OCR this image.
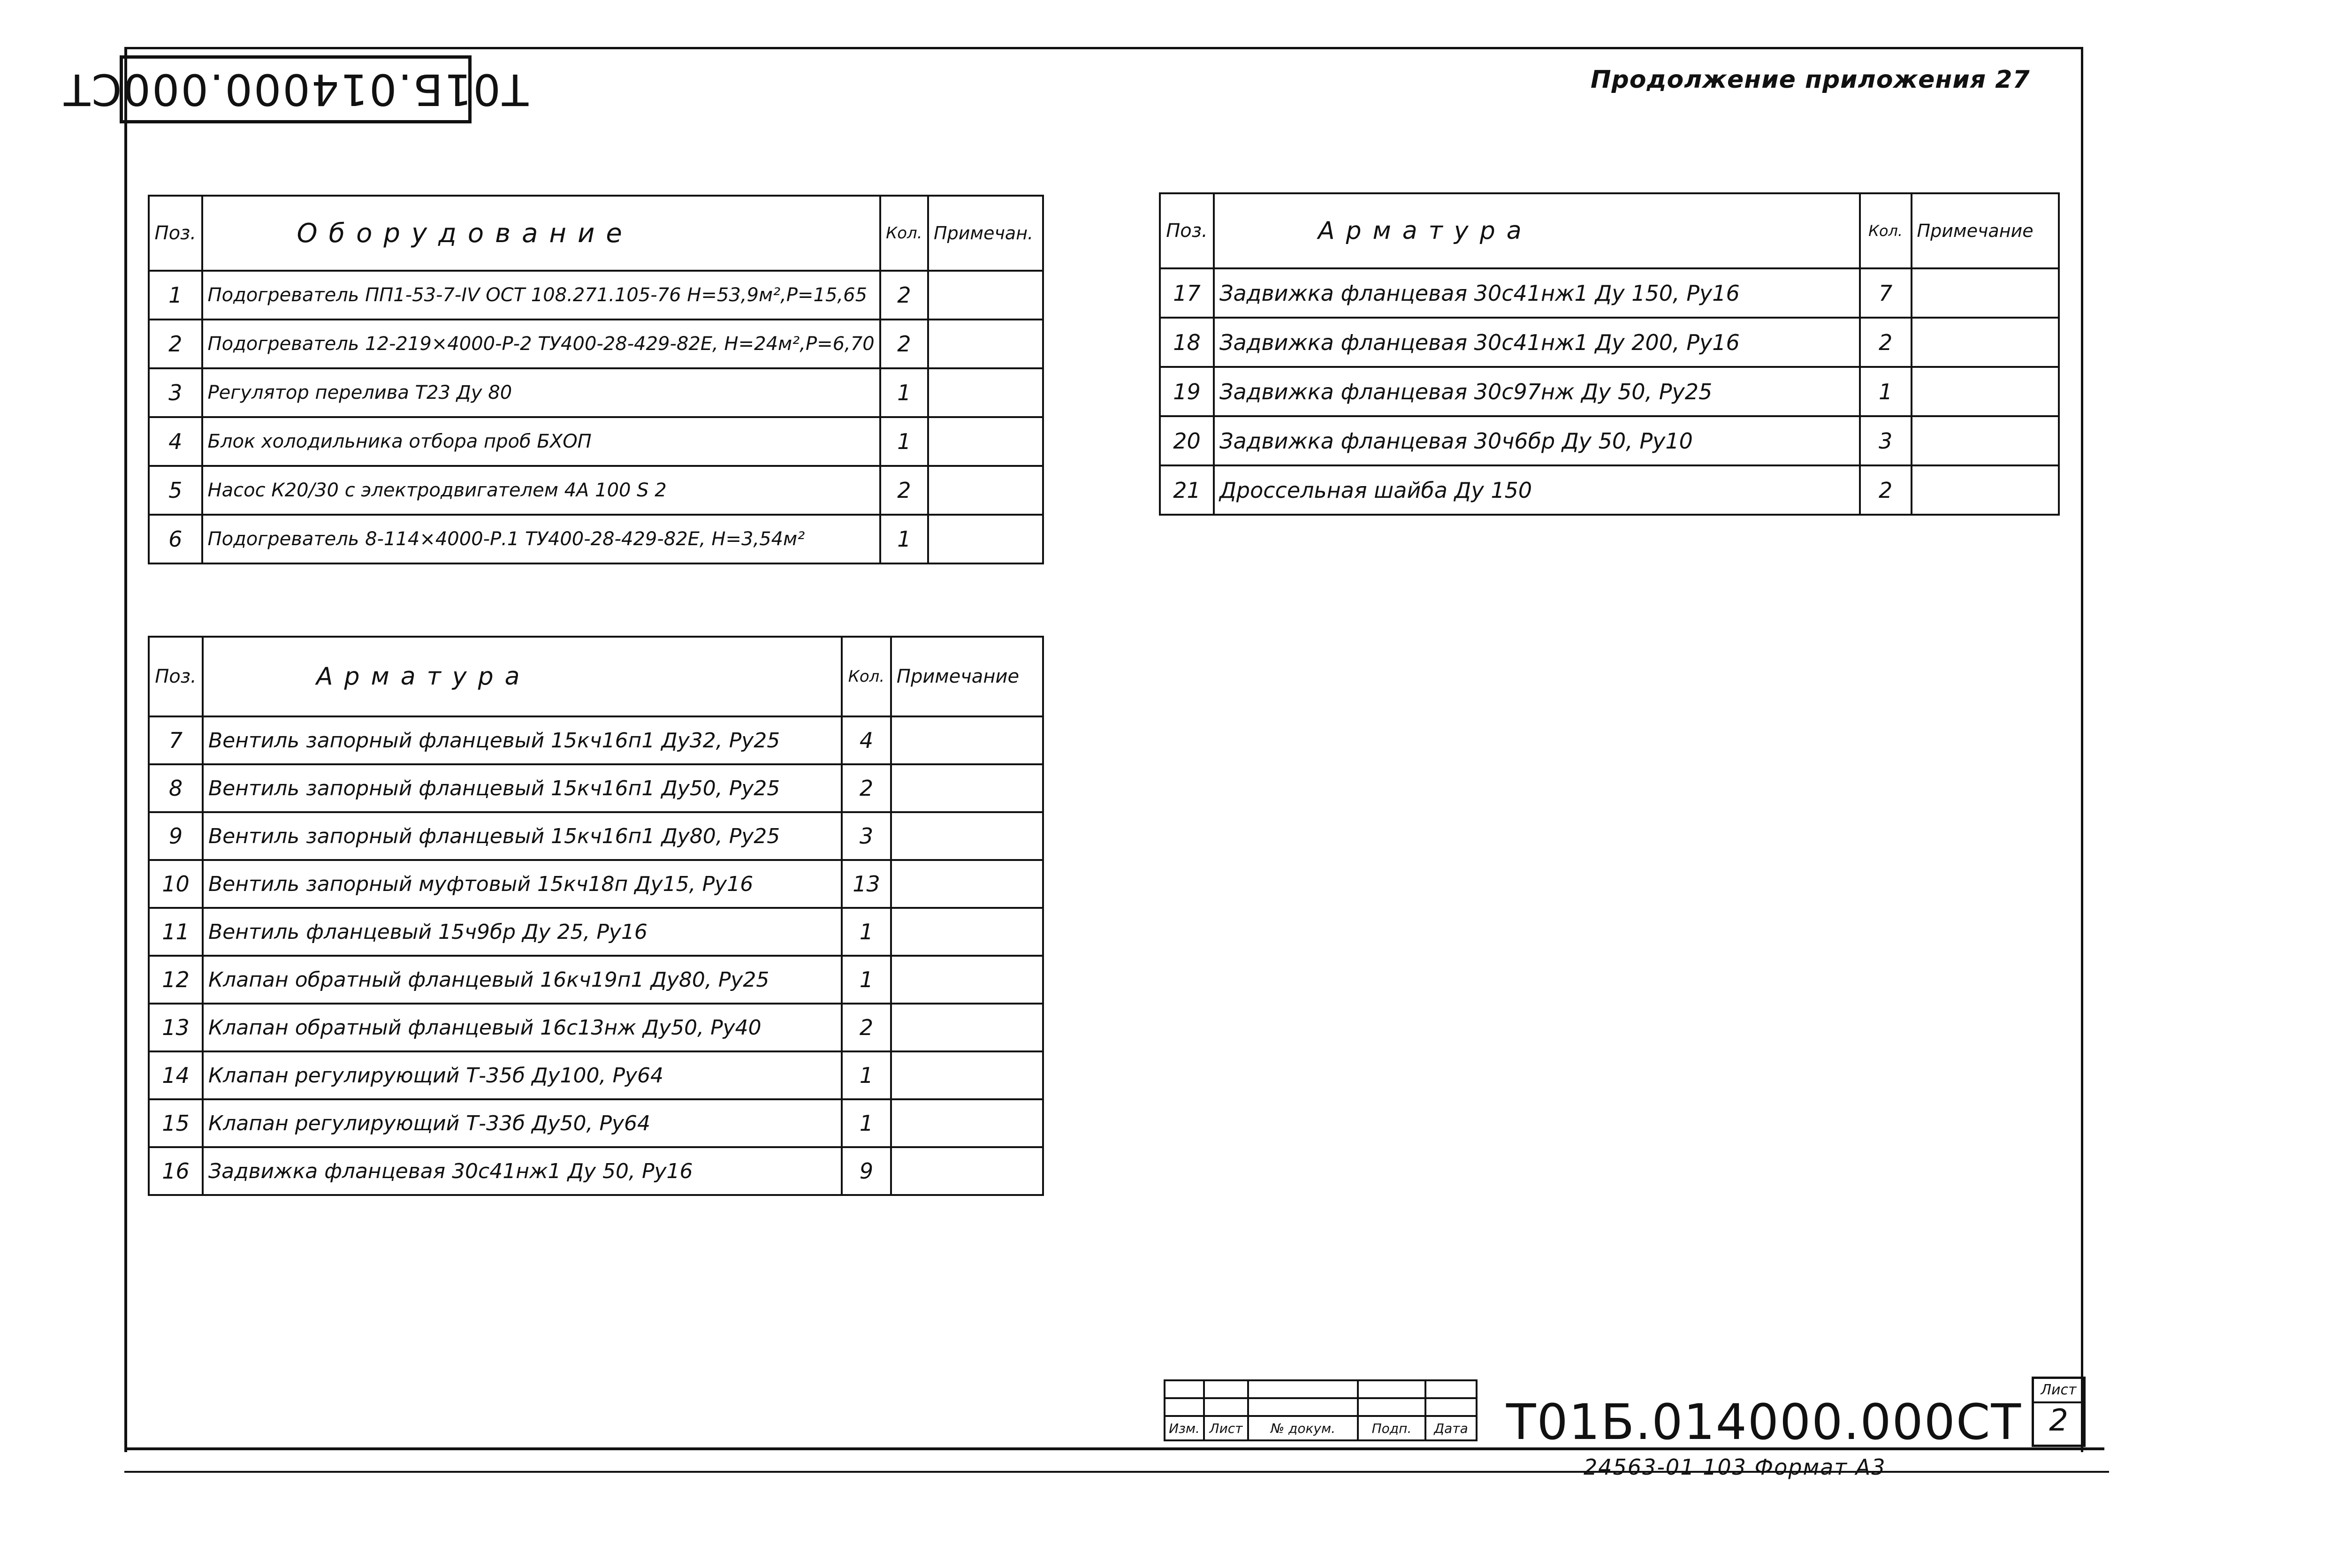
Т01Б.014000.000СТ	Продолжение приложения 27
Поз.	Оборудование	Кол.	Примечан.
1	Подогреватель ПП1-53-7-IV ОСТ 108.271.105-76 Н=53,9м²,Р=15,65	2	
2	Подогреватель 12-219×4000-Р-2 ТУ400-28-429-82Е, Н=24м²,Р=6,70	2	
3	Регулятор перелива Т23 Ду 80	1	
4	Блок холодильника отбора проб БХОП	1	
5	Насос К20/30 с электродвигателем 4А 100 S 2	2	
6	Подогреватель 8-114×4000-Р.1 ТУ400-28-429-82Е, Н=3,54м²	1	
Поз.	Арматура	Кол.	Примечание
7	Вентиль запорный фланцевый 15кч16п1 Ду32, Ру25	4	
8	Вентиль запорный фланцевый 15кч16п1 Ду50, Ру25	2	
9	Вентиль запорный фланцевый 15кч16п1 Ду80, Ру25	3	
10	Вентиль запорный муфтовый 15кч18п Ду15, Ру16	13	
11	Вентиль фланцевый 15ч9бр Ду 25, Ру16	1	
12	Клапан обратный фланцевый 16кч19п1 Ду80, Ру25	1	
13	Клапан обратный фланцевый 16с13нж Ду50, Ру40	2	
14	Клапан регулирующий Т-35б Ду100, Ру64	1	
15	Клапан регулирующий Т-33б Ду50, Ру64	1	
16	Задвижка фланцевая 30с41нж1 Ду 50, Ру16	9	
Поз.	Арматура	Кол.	Примечание
17	Задвижка фланцевая 30с41нж1 Ду 150, Ру16	7	
18	Задвижка фланцевая 30с41нж1 Ду 200, Ру16	2	
19	Задвижка фланцевая 30с97нж Ду 50, Ру25	1	
20	Задвижка фланцевая 30ч6бр Ду 50, Ру10	3	
21	Дроссельная шайба Ду 150	2	

Изм.	Лист	№ докум.	Подп.	Дата Т01Б.014000.000СТ
Лист
2
24563-01 103 Формат А3
